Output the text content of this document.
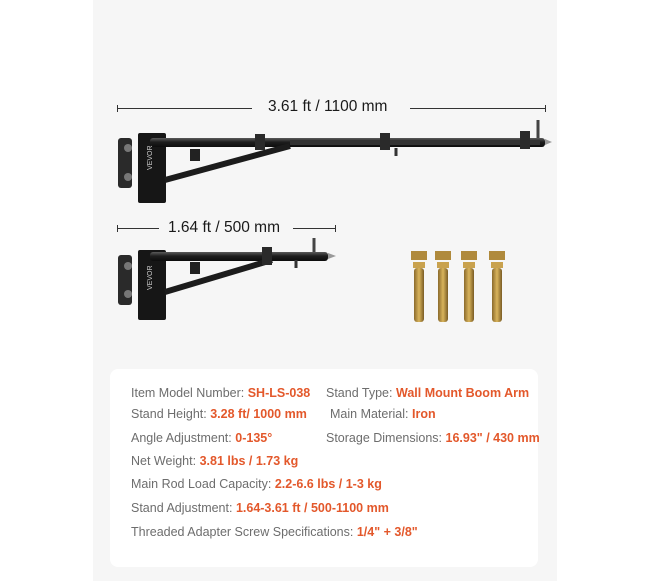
3.61 ft / 1100 mm
1.64 ft / 500 mm
VEVOR
VEVOR
Item Model Number: SH-LS-038 Stand Type: Wall Mount Boom Arm
Stand Height: 3.28 ft/ 1000 mm Main Material: Iron
Angle Adjustment: 0-135°	Storage Dimensions: 16.93" / 430 mm
Net Weight: 3.81 lbs / 1.73 kg
Main Rod Load Capacity: 2.2-6.6 lbs / 1-3 kg
Stand Adjustment: 1.64-3.61 ft / 500-1100 mm
Threaded Adapter Screw Specifications: 1/4" + 3/8"
